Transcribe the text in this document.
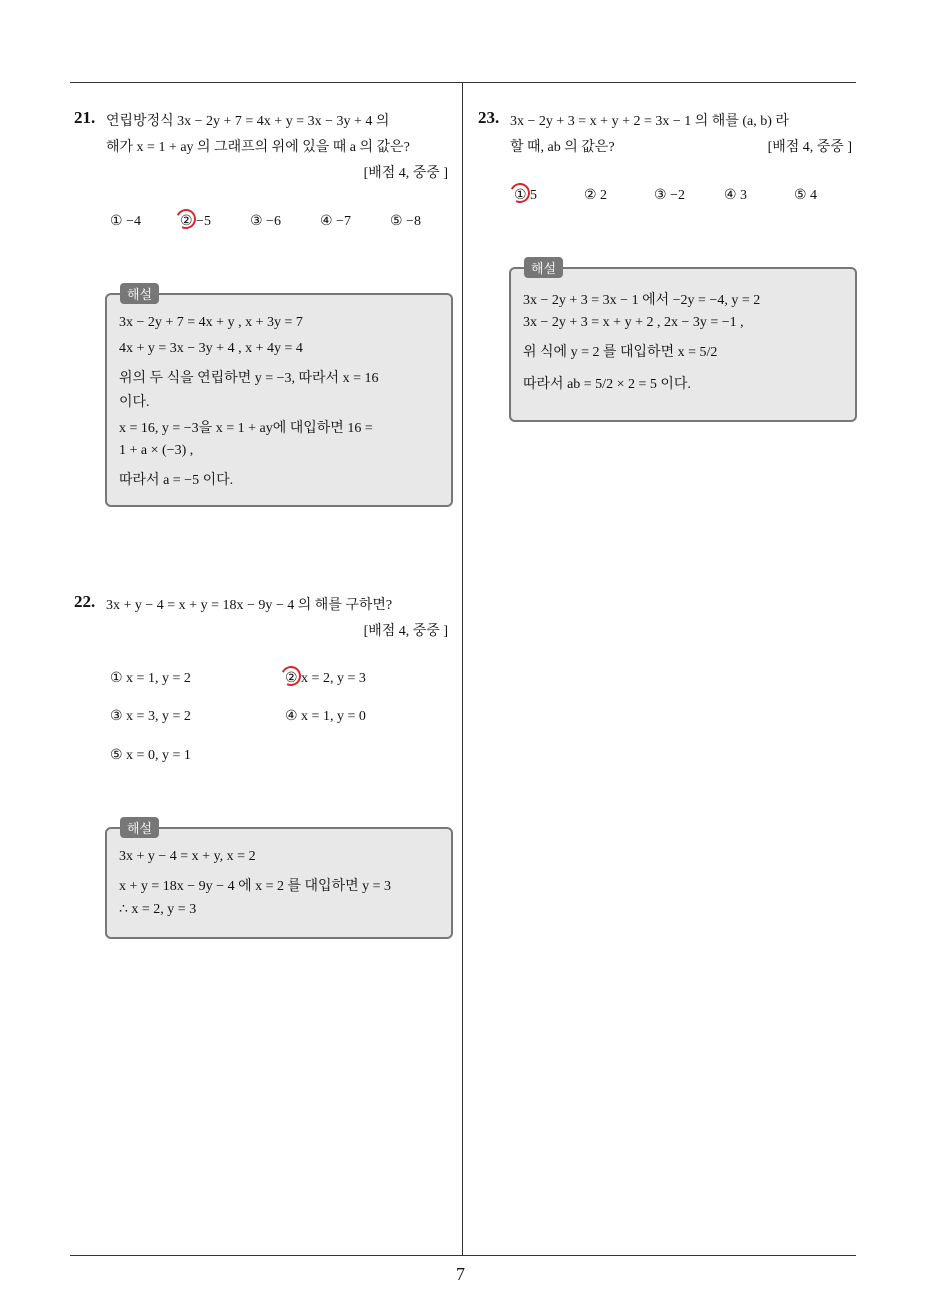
21. 연립방정식 3x − 2y + 7 = 4x + y = 3x − 3y + 4 의
해가 x = 1 + ay 의 그래프의 위에 있을 때 a 의 값은?
[배점 4, 중중 ]
① −4	② −5	③ −6	④ −7	⑤ −8
3x − 2y + 7 = 4x + y , x + 3y = 7
4x + y = 3x − 3y + 4 , x + 4y = 4
위의 두 식을 연립하면 y = −3, 따라서 x = 16
이다.
x = 16, y = −3을 x = 1 + ay에 대입하면 16 =
1 + a × (−3) ,
따라서 a = −5 이다.
해설
22. 3x + y − 4 = x + y = 18x − 9y − 4 의 해를 구하면?
[배점 4, 중중 ]
① x = 1, y = 2	② x = 2, y = 3
③ x = 3, y = 2	④ x = 1, y = 0
⑤ x = 0, y = 1
3x + y − 4 = x + y, x = 2
x + y = 18x − 9y − 4 에 x = 2 를 대입하면 y = 3
∴ x = 2, y = 3
해설
23. 3x − 2y + 3 = x + y + 2 = 3x − 1 의 해를 (a, b) 라
할 때, ab 의 값은?	[배점 4, 중중 ]
① 5	② 2	③ −2	④ 3	⑤ 4
3x − 2y + 3 = 3x − 1 에서 −2y = −4, y = 2
3x − 2y + 3 = x + y + 2 , 2x − 3y = −1 ,
위 식에 y = 2 를 대입하면 x = 5/2
따라서 ab = 5/2 × 2 = 5 이다.
해설
7
